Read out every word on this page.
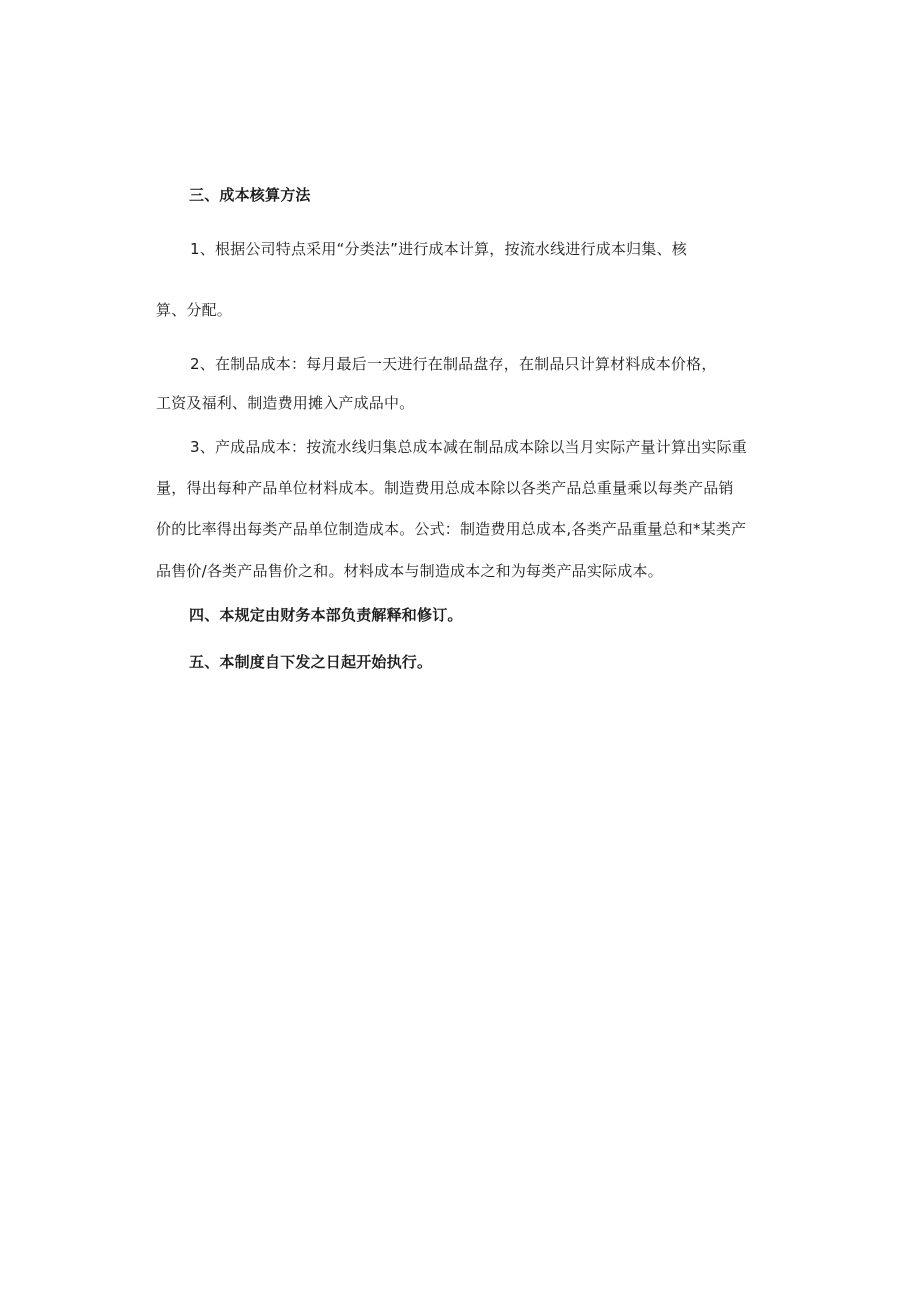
三、成本核算方法
1、根据公司特点采用“分类法”进行成本计算，按流水线进行成本归集、核
算、分配。
2、在制品成本：每月最后一天进行在制品盘存，在制品只计算材料成本价格，
工资及福利、制造费用摊入产成品中。
3、产成品成本：按流水线归集总成本减在制品成本除以当月实际产量计算出实际重
量，得出每种产品单位材料成本。制造费用总成本除以各类产品总重量乘以每类产品销
价的比率得出每类产品单位制造成本。公式：制造费用总成本,各类产品重量总和*某类产
品售价/各类产品售价之和。材料成本与制造成本之和为每类产品实际成本。
四、本规定由财务本部负责解释和修订。
五、本制度自下发之日起开始执行。
